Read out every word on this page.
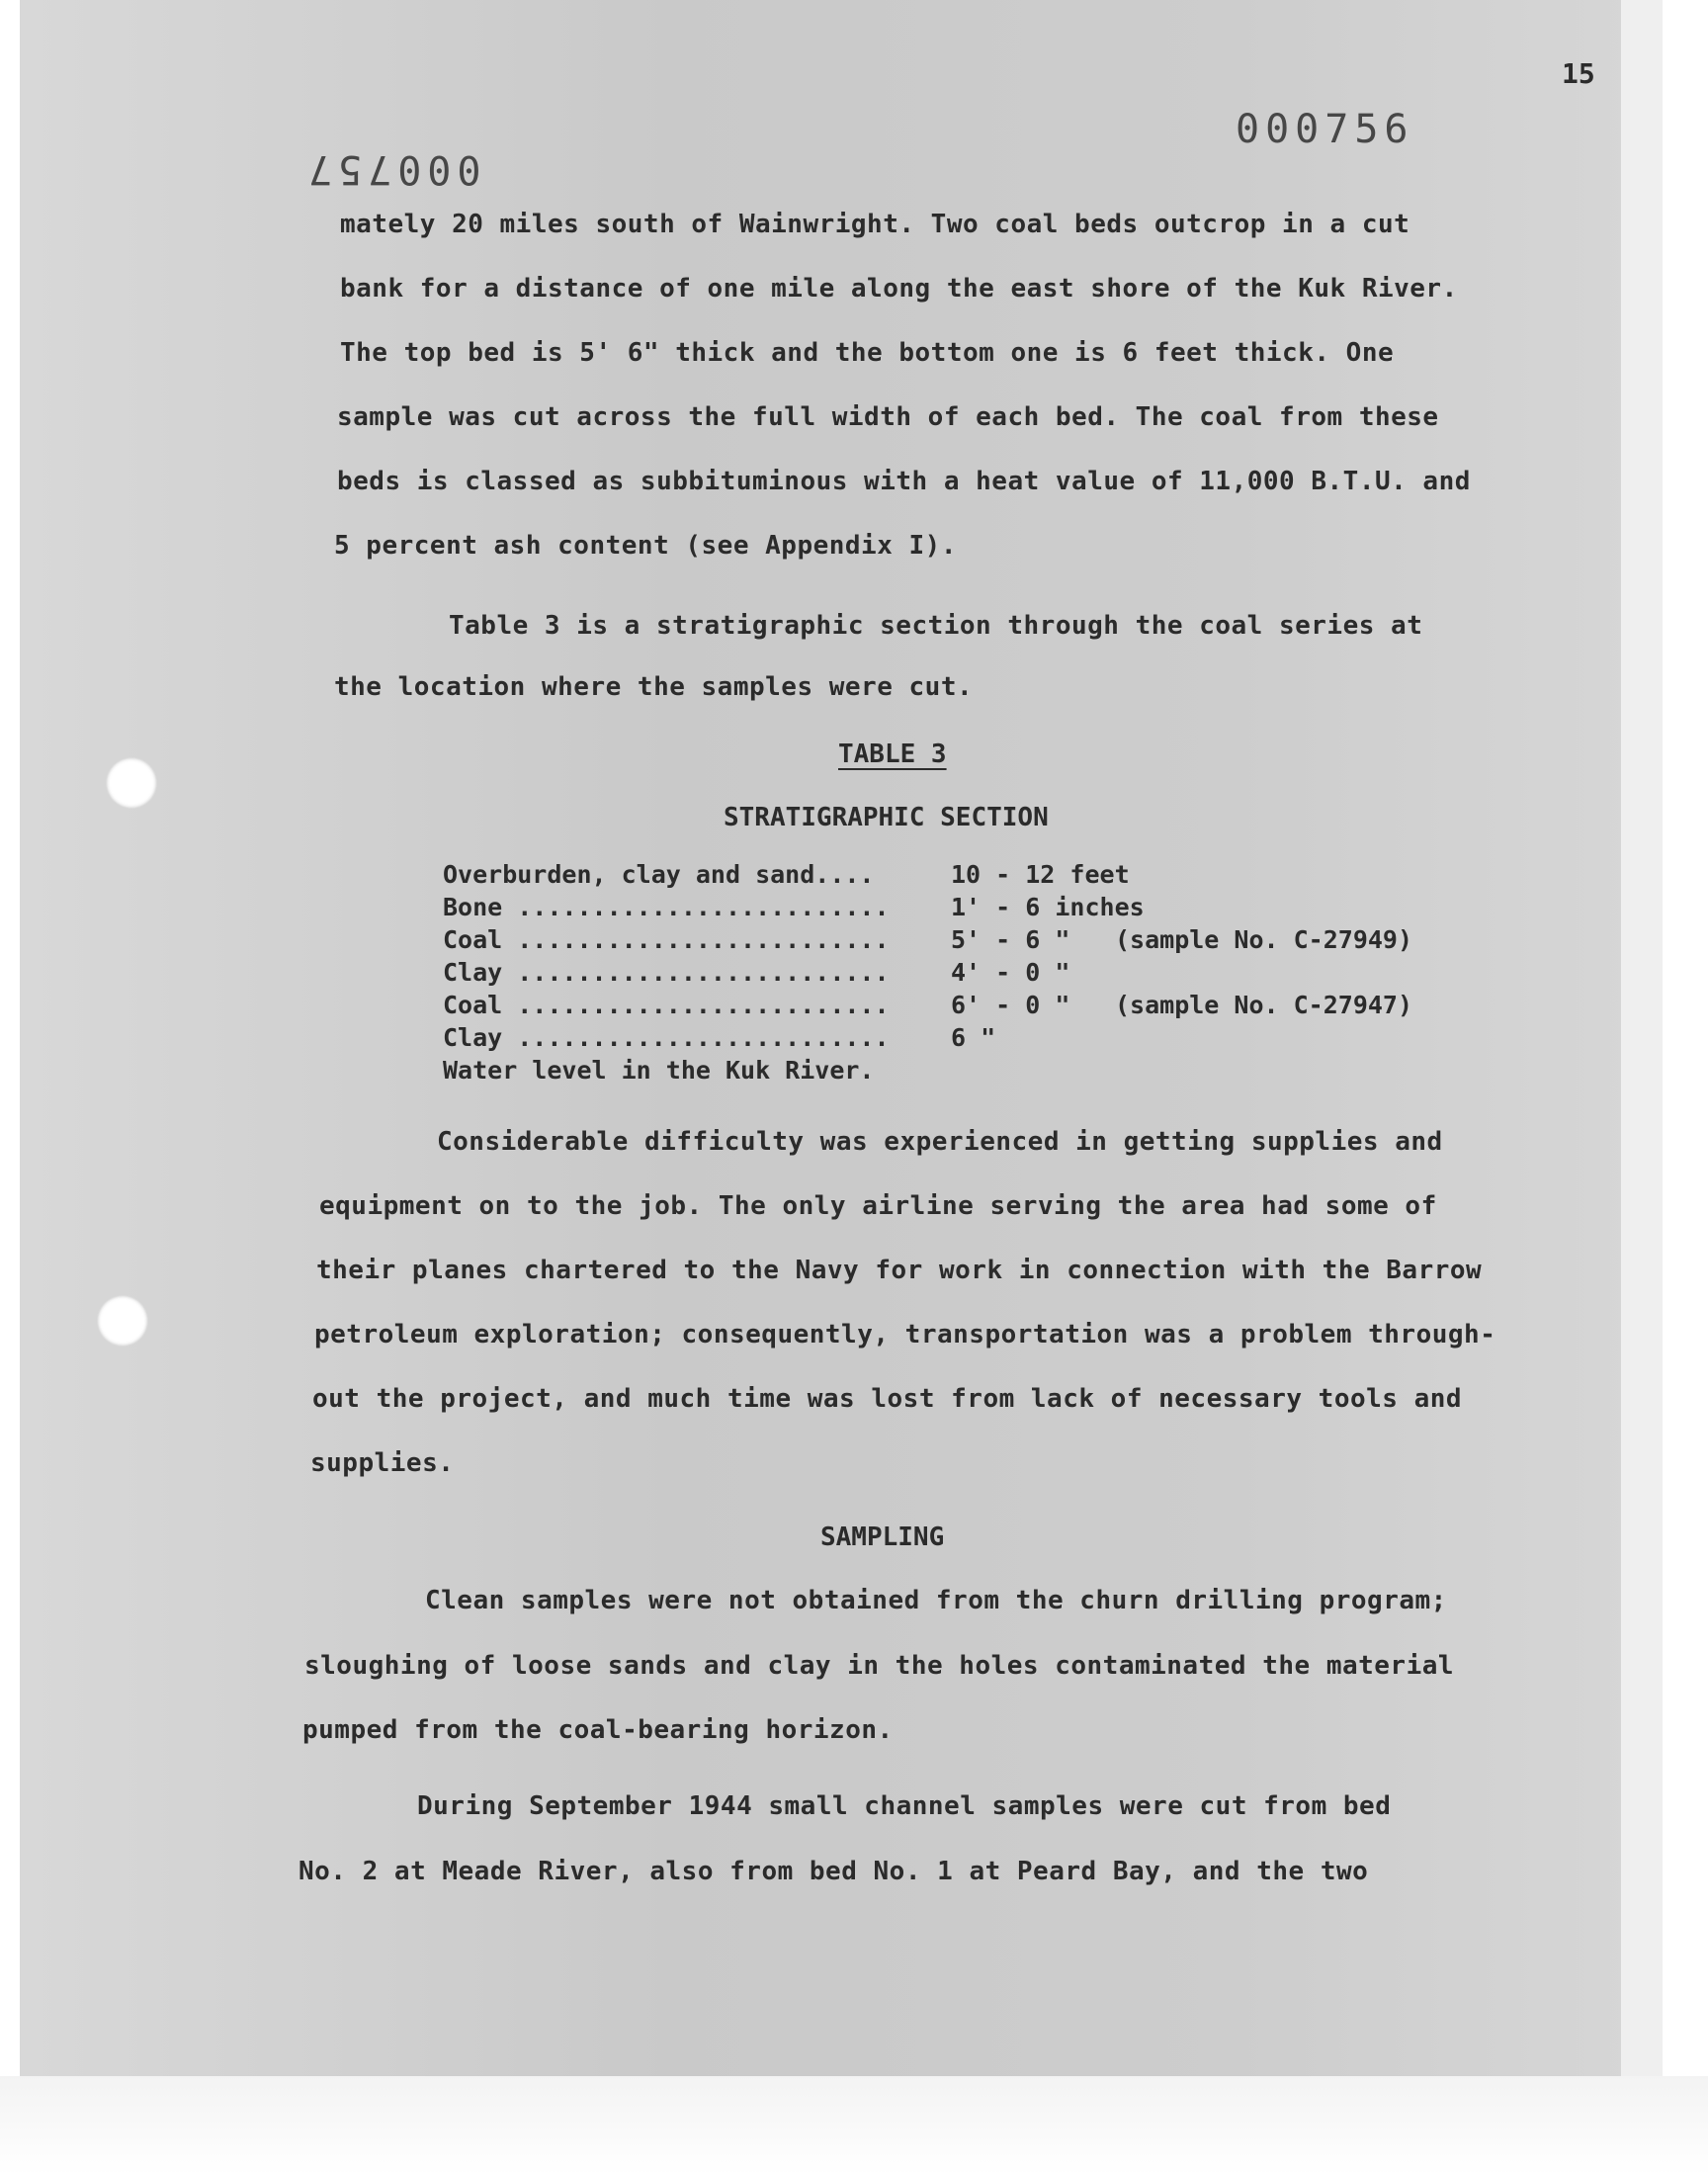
15
000756
000757

mately 20 miles south of Wainwright. Two coal beds outcrop in a cut

bank for a distance of one mile along the east shore of the Kuk River.

The top bed is 5' 6" thick and the bottom one is 6 feet thick. One

sample was cut across the full width of each bed. The coal from these

beds is classed as subbituminous with a heat value of 11,000 B.T.U. and

5 percent ash content (see Appendix I).

Table 3 is a stratigraphic section through the coal series at

the location where the samples were cut.

TABLE 3

STRATIGRAPHIC SECTION

Overburden, clay and sand....	10 - 12 feet
Bone ......................... 1' - 6 inches
Coal ......................... 5' - 6 " (sample No. C-27949)
Clay ......................... 4' - 0 "
Coal ......................... 6' - 0 " (sample No. C-27947)
Clay ......................... 6 "
Water level in the Kuk River.

Considerable difficulty was experienced in getting supplies and

equipment on to the job. The only airline serving the area had some of

their planes chartered to the Navy for work in connection with the Barrow

petroleum exploration; consequently, transportation was a problem through-

out the project, and much time was lost from lack of necessary tools and

supplies.

SAMPLING

Clean samples were not obtained from the churn drilling program;

sloughing of loose sands and clay in the holes contaminated the material

pumped from the coal-bearing horizon.

During September 1944 small channel samples were cut from bed

No. 2 at Meade River, also from bed No. 1 at Peard Bay, and the two
